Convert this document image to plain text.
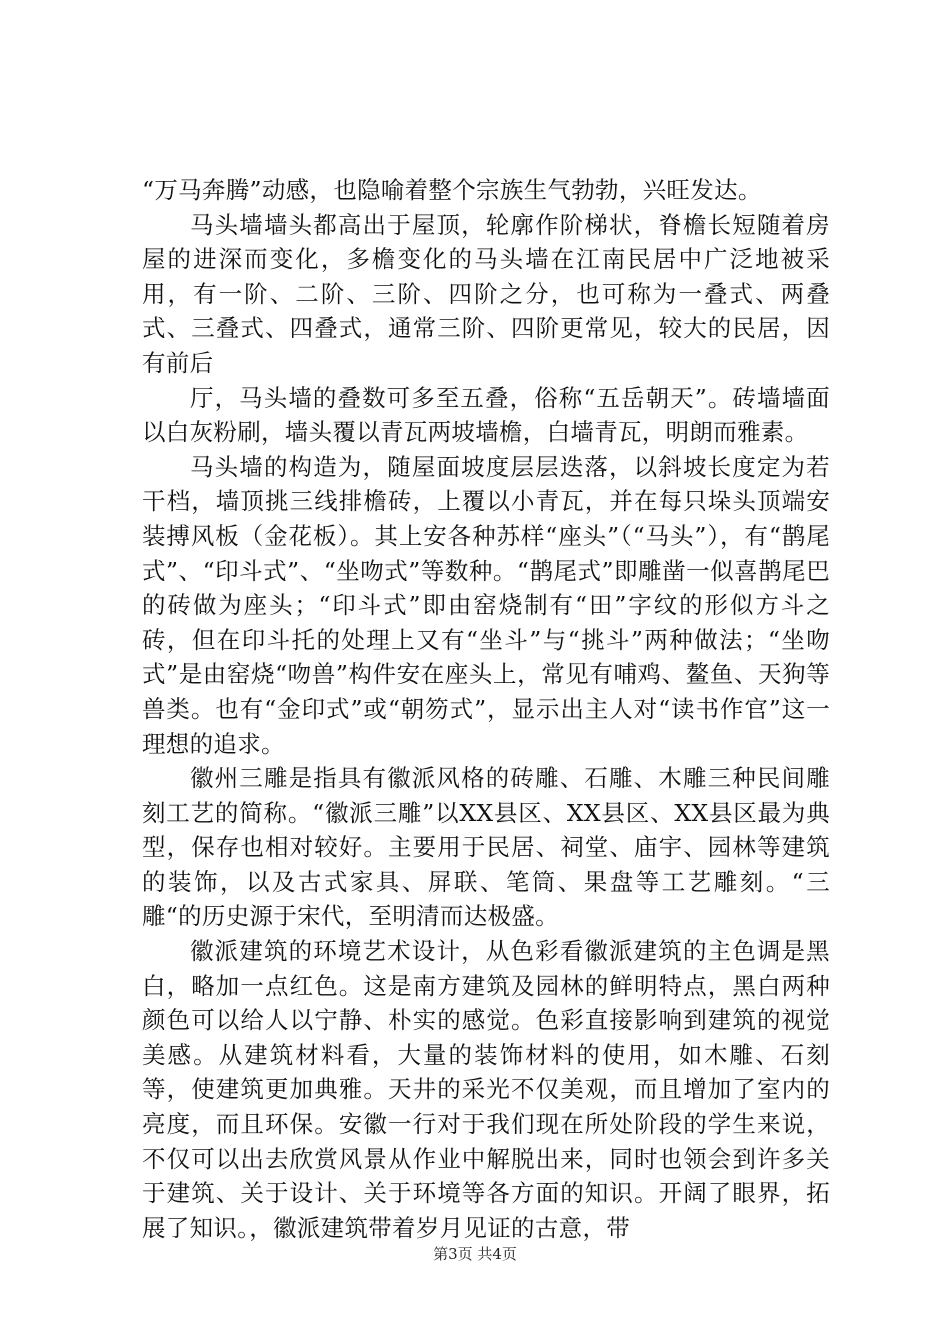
“万马奔腾”动感，也隐喻着整个宗族生气勃勃，兴旺发达。

马头墙墙头都高出于屋顶，轮廓作阶梯状，脊檐长短随着房屋的进深而变化，多檐变化的马头墙在江南民居中广泛地被采用，有一阶、二阶、三阶、四阶之分，也可称为一叠式、两叠式、三叠式、四叠式，通常三阶、四阶更常见，较大的民居，因有前后

厅，马头墙的叠数可多至五叠，俗称“五岳朝天”。砖墙墙面以白灰粉刷，墙头覆以青瓦两坡墙檐，白墙青瓦，明朗而雅素。

马头墙的构造为，随屋面坡度层层迭落，以斜坡长度定为若干档，墙顶挑三线排檐砖，上覆以小青瓦，并在每只垛头顶端安装搏风板（金花板）。其上安各种苏样“座头”（“马头”），有“鹊尾式”、“印斗式”、“坐吻式”等数种。“鹊尾式”即雕凿一似喜鹊尾巴的砖做为座头；“印斗式”即由窑烧制有“田”字纹的形似方斗之砖，但在印斗托的处理上又有“坐斗”与“挑斗”两种做法；“坐吻式”是由窑烧“吻兽”构件安在座头上，常见有哺鸡、鳌鱼、天狗等兽类。也有“金印式”或“朝笏式”，显示出主人对“读书作官”这一理想的追求。

徽州三雕是指具有徽派风格的砖雕、石雕、木雕三种民间雕刻工艺的简称。“徽派三雕”以XX县区、XX县区、XX县区最为典型，保存也相对较好。主要用于民居、祠堂、庙宇、园林等建筑的装饰，以及古式家具、屏联、笔筒、果盘等工艺雕刻。“三雕“的历史源于宋代，至明清而达极盛。

徽派建筑的环境艺术设计，从色彩看徽派建筑的主色调是黑白，略加一点红色。这是南方建筑及园林的鲜明特点，黑白两种颜色可以给人以宁静、朴实的感觉。色彩直接影响到建筑的视觉美感。从建筑材料看，大量的装饰材料的使用，如木雕、石刻等，使建筑更加典雅。天井的采光不仅美观，而且增加了室内的亮度，而且环保。安徽一行对于我们现在所处阶段的学生来说，不仅可以出去欣赏风景从作业中解脱出来，同时也领会到许多关于建筑、关于设计、关于环境等各方面的知识。开阔了眼界，拓展了知识。，徽派建筑带着岁月见证的古意，带

第3页 共4页
